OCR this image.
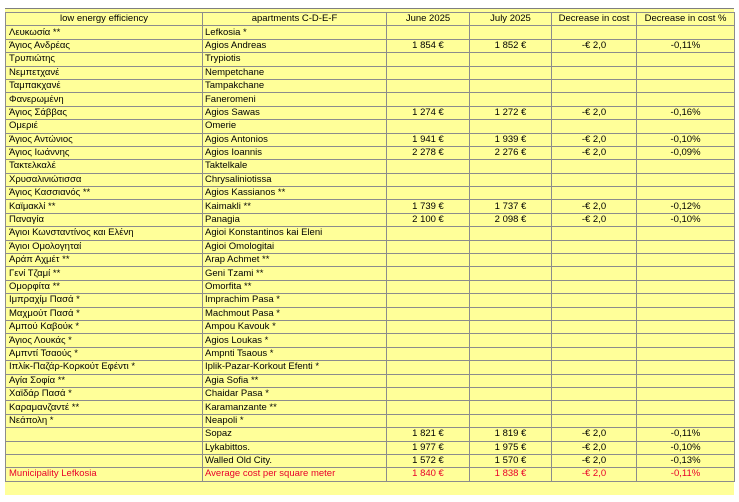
low energy efficiency	apartments C-D-E-F	June 2025	July 2025	Decrease in cost	Decrease in cost %
Λευκωσία **	Lefkosia *				
Άγιος Ανδρέας	Agios Andreas	1 854 €	1 852 €	-€ 2,0	-0,11%
Τρυπιώτης	Trypiotis				
Νεμπετχανέ	Nempetchane				
Ταμπακχανέ	Tampakchane				
Φανερωμένη	Faneromeni				
Άγιος Σάββας	Agios Sawas	1 274 €	1 272 €	-€ 2,0	-0,16%
Ομεριέ	Omerie				
Άγιος Αντώνιος	Agios Antonios	1 941 €	1 939 €	-€ 2,0	-0,10%
Άγιος Ιωάννης	Agios Ioannis	2 278 €	2 276 €	-€ 2,0	-0,09%
Τακτελκαλέ	Taktelkale				
Χρυσαλινιώτισσα	Chrysaliniotissa				
Άγιος Κασσιανός **	Agios Kassianos **				
Καϊμακλί **	Kaimakli **	1 739 €	1 737 €	-€ 2,0	-0,12%
Παναγία	Panagia	2 100 €	2 098 €	-€ 2,0	-0,10%
Άγιοι Κωνσταντίνος και Ελένη	Agioi Konstantinos kai Eleni				
Άγιοι Ομολογηταί	Agioi Omologitai				
Αράπ Αχμέτ **	Arap Achmet **				
Γενί Τζαμί **	Geni Tzami **				
Ομορφίτα **	Omorfita **				
Ιμπραχίμ Πασά *	Imprachim Pasa *				
Μαχμούτ Πασά *	Machmout Pasa *				
Αμπού Καβούκ *	Ampou Kavouk *				
Άγιος Λουκάς *	Agios Loukas *				
Αμπντί Τσαούς *	Ampnti Tsaous *				
Ιπλίκ-Παζάρ-Κορκούτ Εφέντι *	Iplik-Pazar-Korkout Efenti *				
Αγία Σοφία **	Agia Sofia **				
Χαϊδάρ Πασά *	Chaidar Pasa *				
Καραμανζαντέ **	Karamanzante **				
Νεάπολη *	Neapoli *				
	Sopaz	1 821 €	1 819 €	-€ 2,0	-0,11%
	Lykabittos.	1 977 €	1 975 €	-€ 2,0	-0,10%
	Walled Old City.	1 572 €	1 570 €	-€ 2,0	-0,13%
Municipality Lefkosia	Average cost per square meter	1 840 €	1 838 €	-€ 2,0	-0,11%
